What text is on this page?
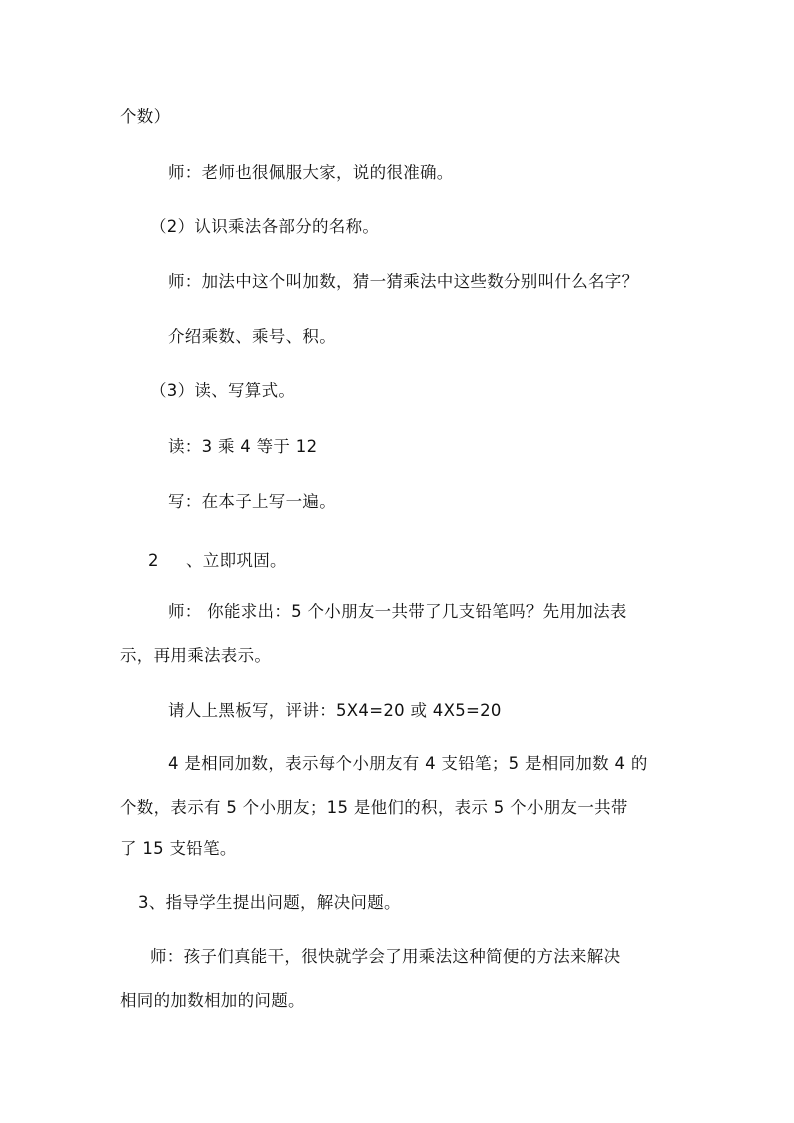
个数）
师：老师也很佩服大家，说的很准确。
（2）认识乘法各部分的名称。
师：加法中这个叫加数，猜一猜乘法中这些数分别叫什么名字？
介绍乘数、乘号、积。
（3）读、写算式。
读：3 乘 4 等于 12
写：在本子上写一遍。
2 、立即巩固。
师： 你能求出：5 个小朋友一共带了几支铅笔吗？先用加法表
示，再用乘法表示。
请人上黑板写，评讲：5X4=20 或 4X5=20
4 是相同加数，表示每个小朋友有 4 支铅笔；5 是相同加数 4 的
个数，表示有 5 个小朋友；15 是他们的积，表示 5 个小朋友一共带
了 15 支铅笔。
3、指导学生提出问题，解决问题。
师：孩子们真能干，很快就学会了用乘法这种简便的方法来解决
相同的加数相加的问题。
